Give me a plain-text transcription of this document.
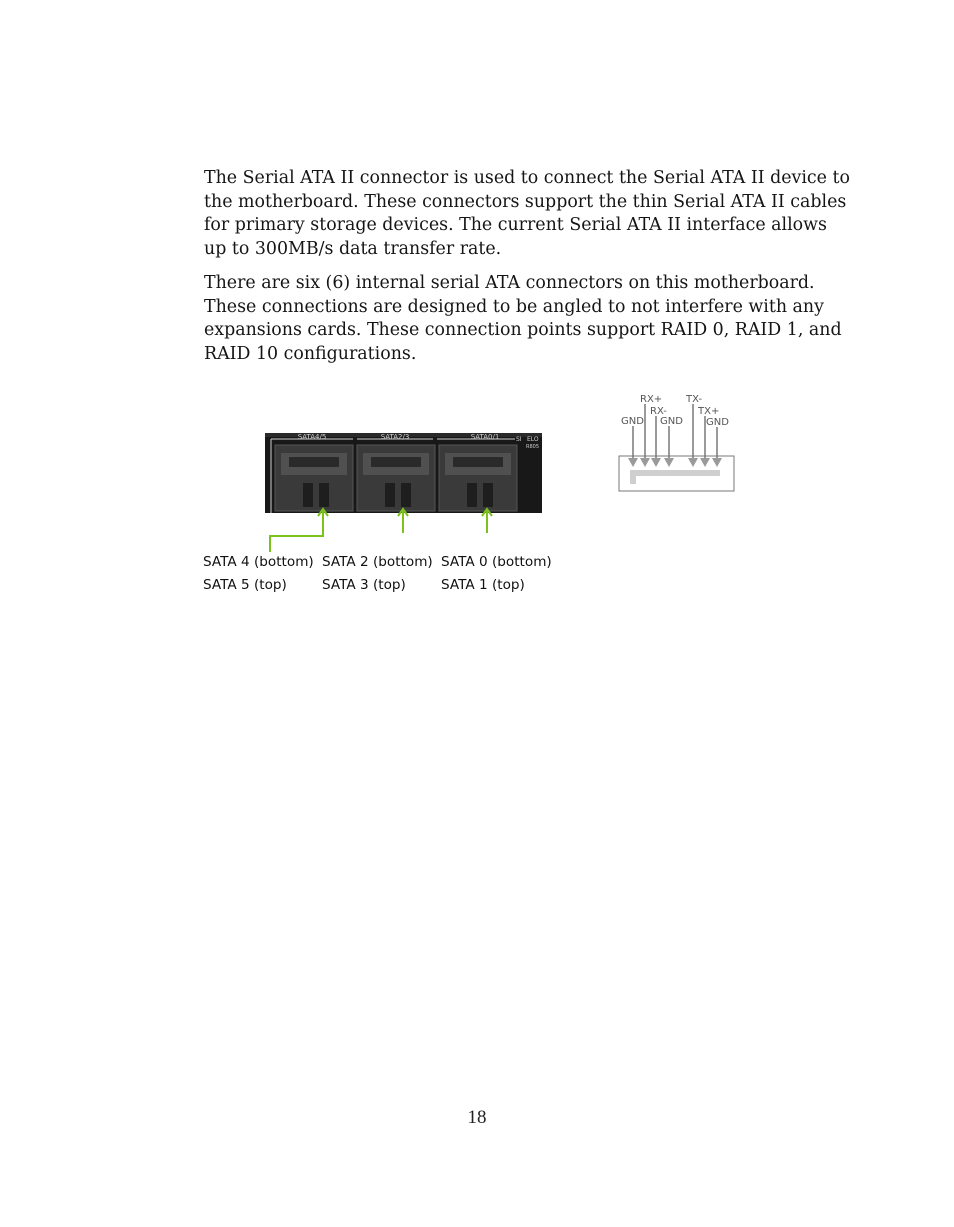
The Serial ATA II connector is used to connect the Serial ATA II device to the motherboard. These connectors support the thin Serial ATA II cables for primary storage devices. The current Serial ATA II interface allows up to 300MB/s data transfer rate.

There are six (6) internal serial ATA connectors on this motherboard. These connections are designed to be angled to not interfere with any expansions cards. These connection points support RAID 0, RAID 1, and RAID 10 configurations.

SATA4/5	SATA2/3	SATA0/1	SI ELO
R805
RX+ TX-
RX-	TX+
GND GND GND
SATA 4 (bottom) SATA 2 (bottom) SATA 0 (bottom)
SATA 5 (top)	SATA 3 (top)	SATA 1 (top)
18
